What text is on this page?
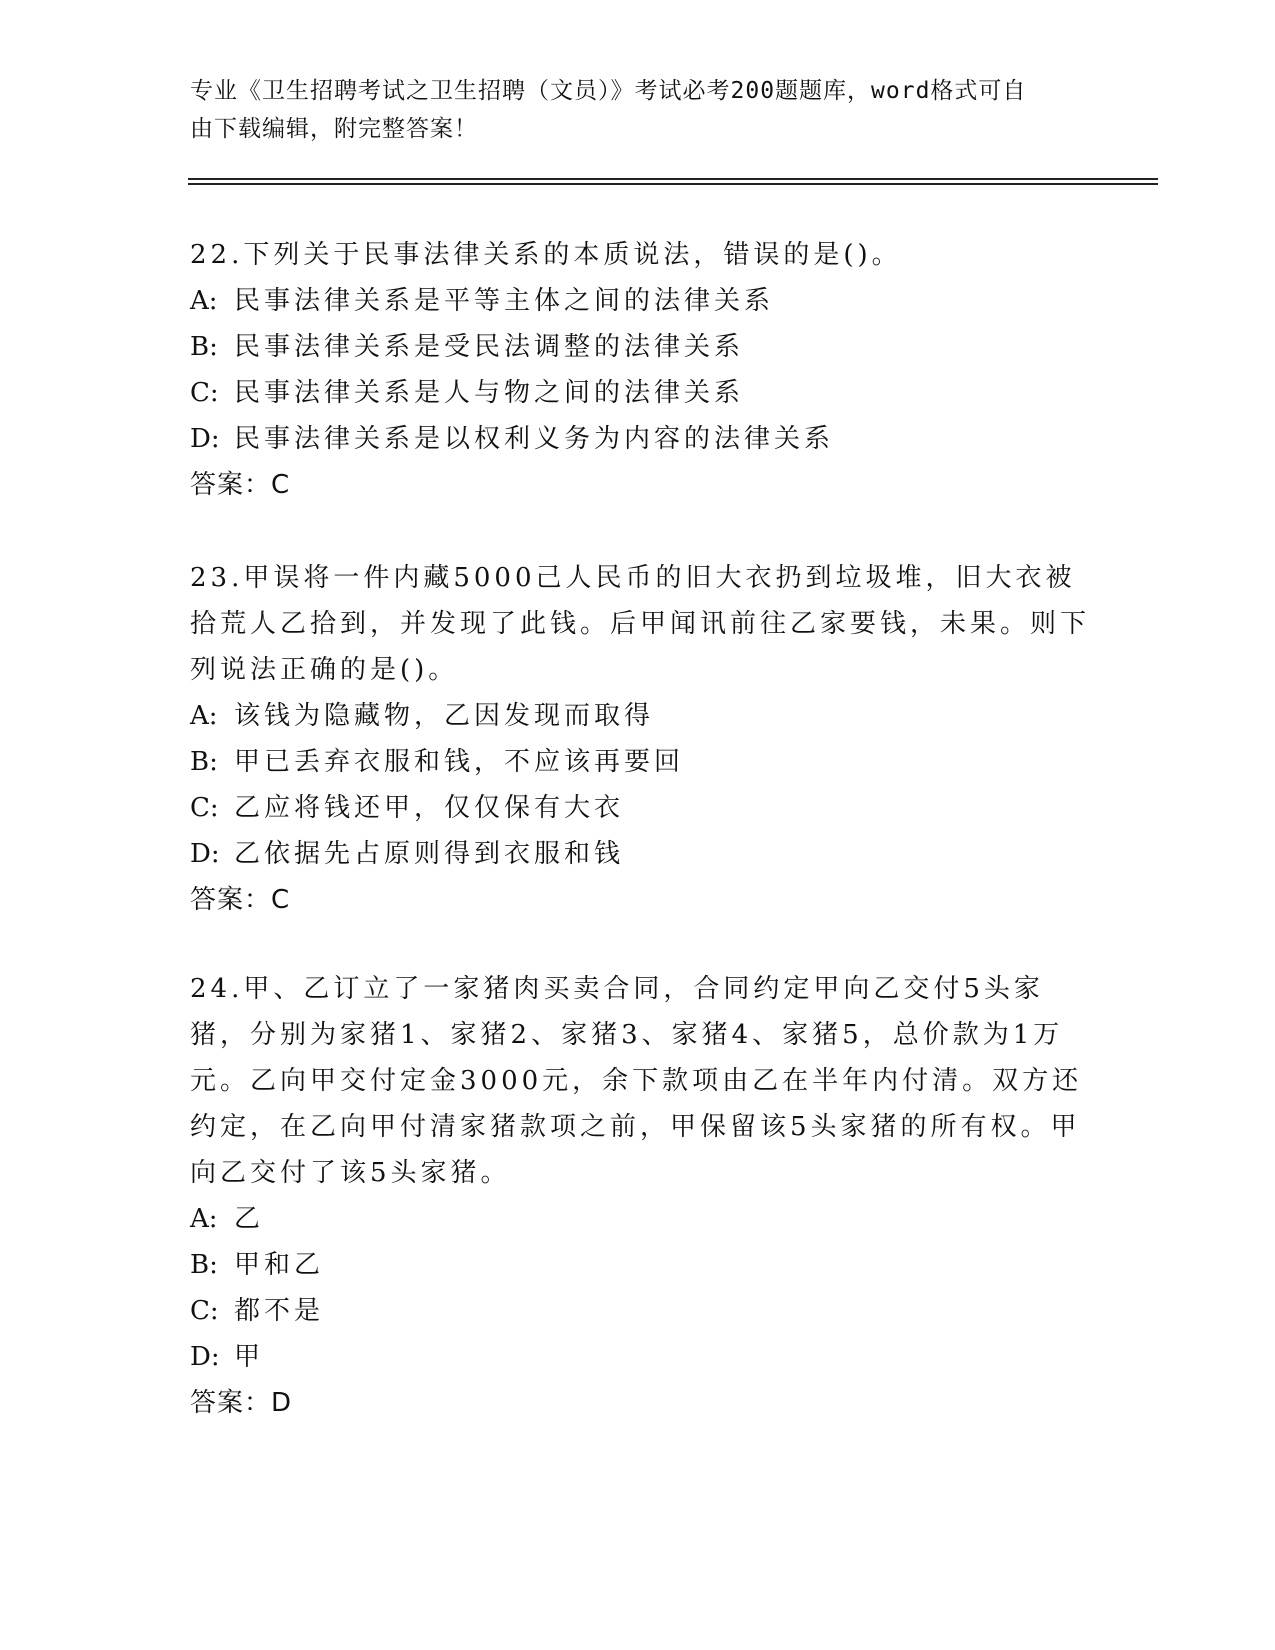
专业《卫生招聘考试之卫生招聘（文员）》考试必考200题题库，word格式可自
由下载编辑，附完整答案！
22.下列关于民事法律关系的本质说法，错误的是()。
A: 民事法律关系是平等主体之间的法律关系
B: 民事法律关系是受民法调整的法律关系
C: 民事法律关系是人与物之间的法律关系
D: 民事法律关系是以权利义务为内容的法律关系
答案：C
23.甲误将一件内藏5000己人民币的旧大衣扔到垃圾堆，旧大衣被拾荒人乙拾到，并发现了此钱。后甲闻讯前往乙家要钱，未果。则下列说法正确的是()。
A: 该钱为隐藏物，乙因发现而取得
B: 甲已丢弃衣服和钱，不应该再要回
C: 乙应将钱还甲，仅仅保有大衣
D: 乙依据先占原则得到衣服和钱
答案：C
24.甲、乙订立了一家猪肉买卖合同，合同约定甲向乙交付5头家猪，分别为家猪1、家猪2、家猪3、家猪4、家猪5，总价款为1万元。乙向甲交付定金3000元，余下款项由乙在半年内付清。双方还约定，在乙向甲付清家猪款项之前，甲保留该5头家猪的所有权。甲向乙交付了该5头家猪。
A: 乙
B: 甲和乙
C: 都不是
D: 甲
答案：D
